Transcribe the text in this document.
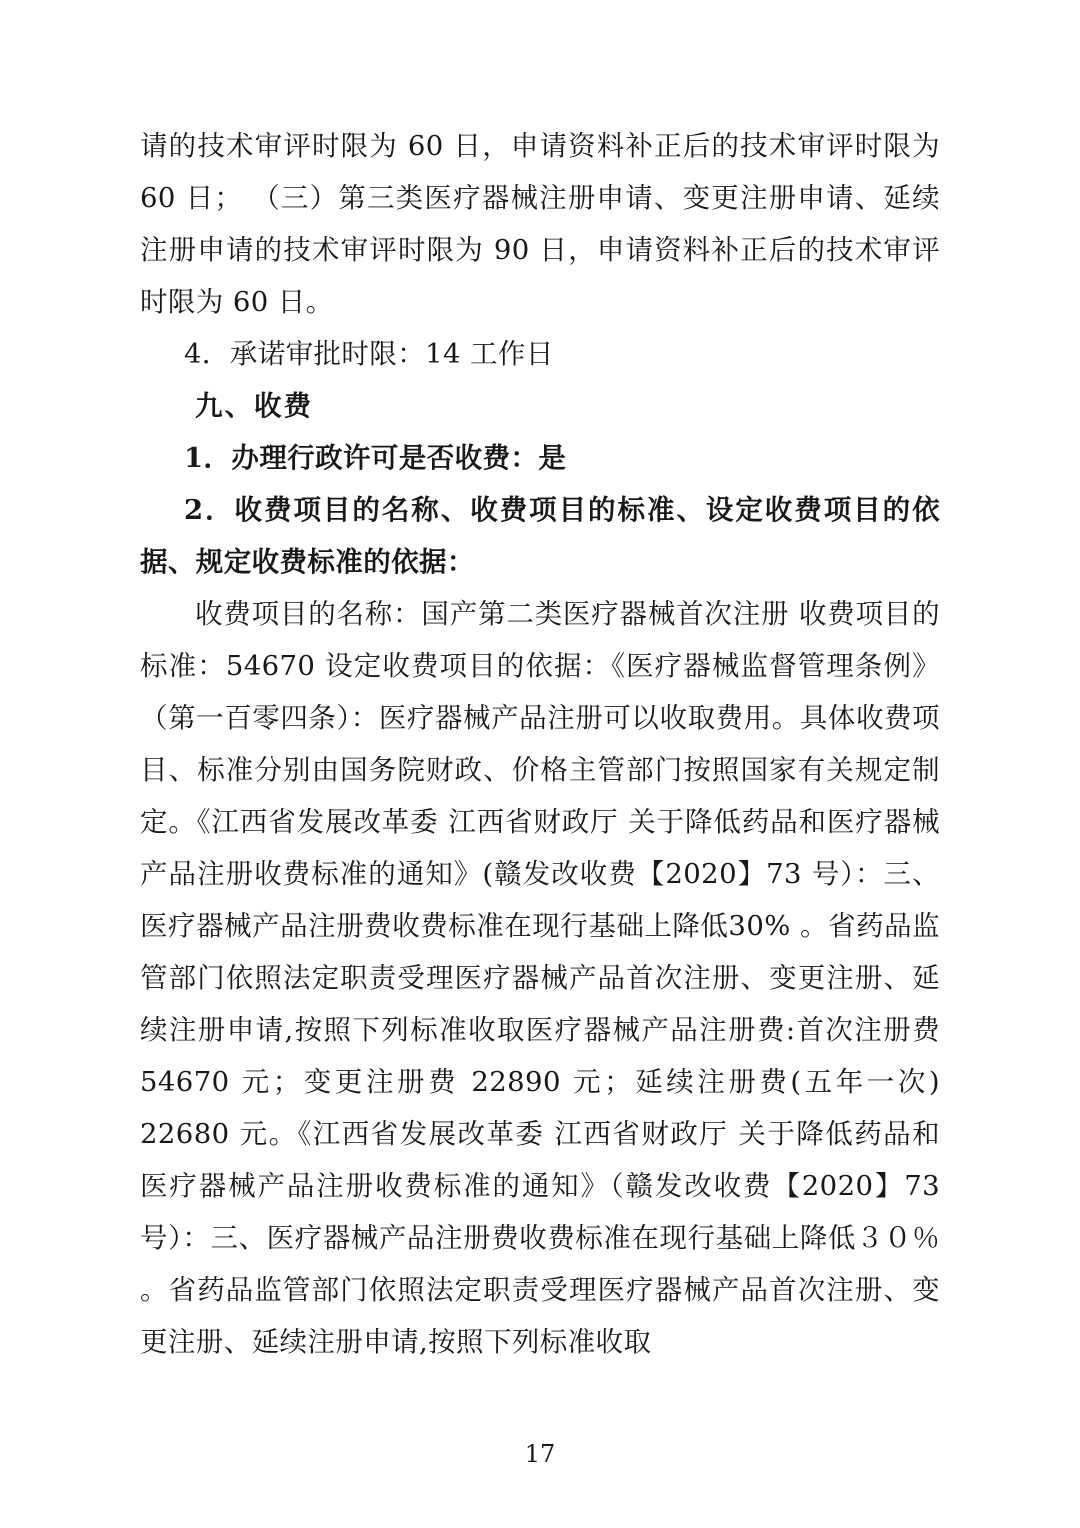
请的技术审评时限为 60 日，申请资料补正后的技术审评时限为 60 日； （三）第三类医疗器械注册申请、变更注册申请、延续注册申请的技术审评时限为 90 日，申请资料补正后的技术审评时限为 60 日。

4．承诺审批时限：14 工作日

九、收费

1．办理行政许可是否收费：是

2．收费项目的名称、收费项目的标准、设定收费项目的依据、规定收费标准的依据：

收费项目的名称：国产第二类医疗器械首次注册 收费项目的标准：54670 设定收费项目的依据：《医疗器械监督管理条例》（第一百零四条）：医疗器械产品注册可以收取费用。具体收费项目、标准分别由国务院财政、价格主管部门按照国家有关规定制定。《江西省发展改革委 江西省财政厅 关于降低药品和医疗器械产品注册收费标准的通知》(赣发改收费【2020】73 号）：三、医疗器械产品注册费收费标准在现行基础上降低30% 。省药品监管部门依照法定职责受理医疗器械产品首次注册、变更注册、延续注册申请,按照下列标准收取医疗器械产品注册费:首次注册费 54670 元；变更注册费 22890 元；延续注册费(五年一次) 22680 元。《江西省发展改革委 江西省财政厅 关于降低药品和医疗器械产品注册收费标准的通知》（赣发改收费【2020】73 号）：三、医疗器械产品注册费收费标准在现行基础上降低３０％ 。省药品监管部门依照法定职责受理医疗器械产品首次注册、变更注册、延续注册申请,按照下列标准收取

17
